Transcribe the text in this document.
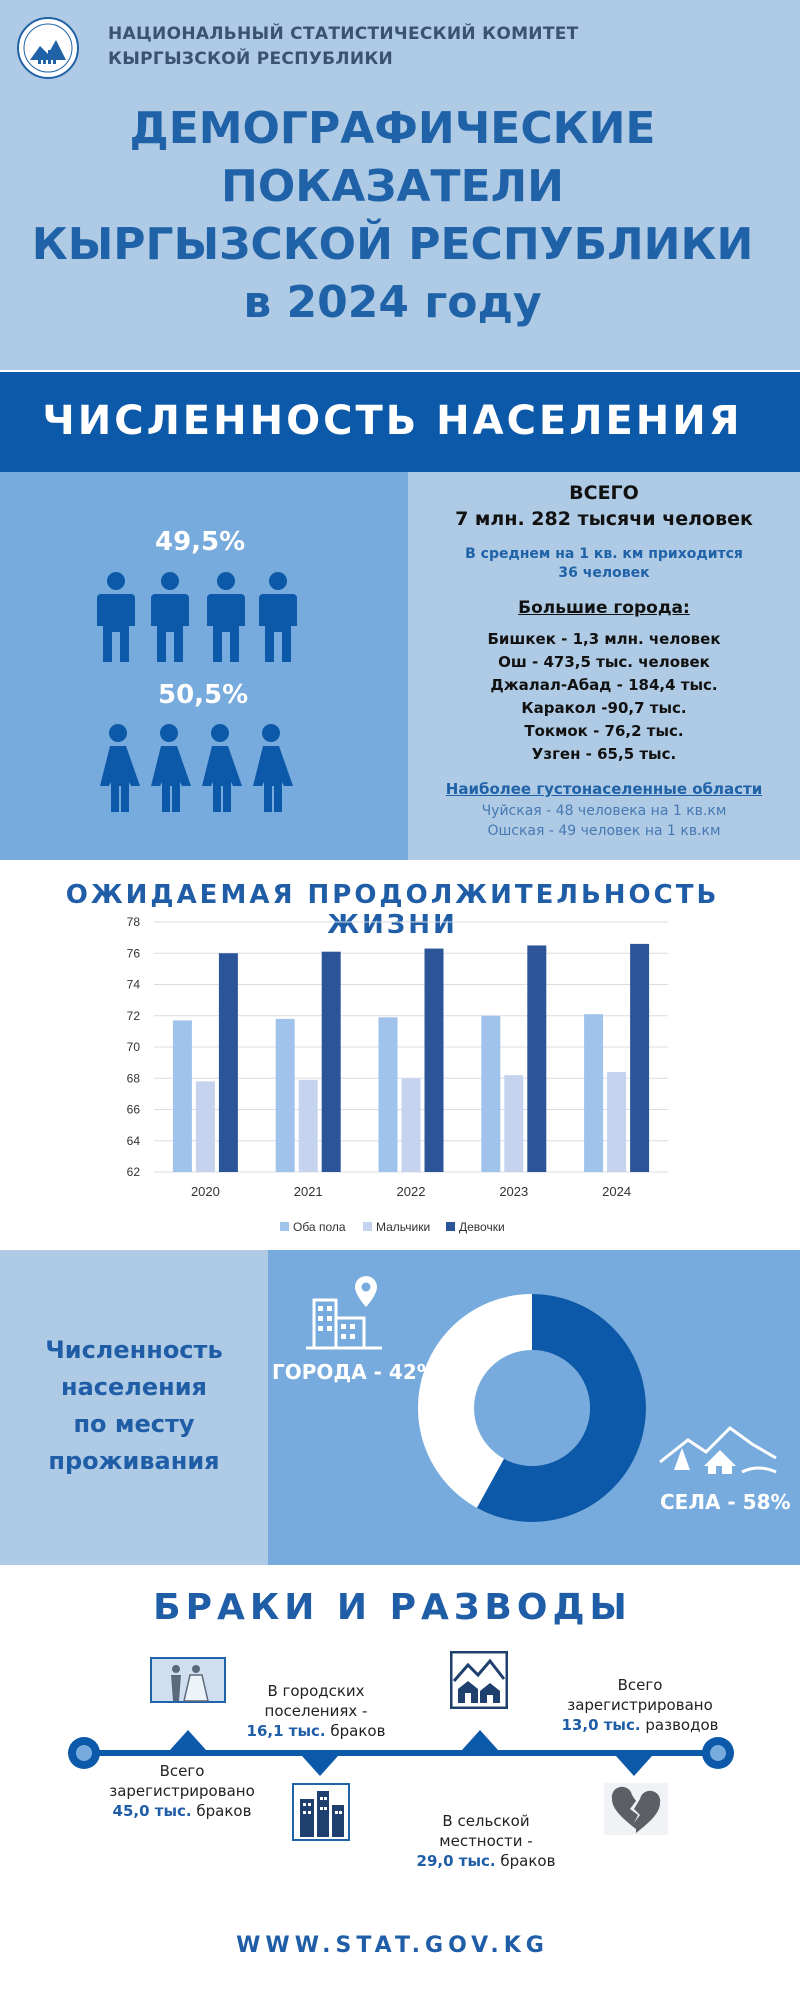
НАЦИОНАЛЬНЫЙ СТАТИСТИЧЕСКИЙ КОМИТЕТ
КЫРГЫЗСКОЙ РЕСПУБЛИКИ
ДЕМОГРАФИЧЕСКИЕ
ПОКАЗАТЕЛИ
КЫРГЫЗСКОЙ РЕСПУБЛИКИ
в 2024 году
ЧИСЛЕННОСТЬ НАСЕЛЕНИЯ
49,5%
50,5%
ВСЕГО
7 млн. 282 тысячи человек
В среднем на 1 кв. км приходится
36 человек
Большие города:
Бишкек - 1,3 млн. человек
Ош - 473,5 тыс. человек
Джалал-Абад - 184,4 тыс.
Каракол -90,7 тыс.
Токмок - 76,2 тыс.
Узген - 65,5 тыс.
Наиболее густонаселенные области
Чуйская - 48 человека на 1 кв.км
Ошская - 49 человек на 1 кв.км
ОЖИДАЕМАЯ ПРОДОЛЖИТЕЛЬНОСТЬ ЖИЗНИ
62
64
66
68
70
72
74
76
78
2020	2021	2022	2023	2024
Оба пола	Мальчики Девочки
Численность
населения
по месту
проживания
ГОРОДА - 42%
СЕЛА - 58%
БРАКИ И РАЗВОДЫ
Всего зарегистрировано
45,0 тыс. браков
В городских поселениях -
16,1 тыс. браков
В сельской местности -
29,0 тыс. браков
Всего зарегистрировано
13,0 тыс. разводов
WWW.STAT.GOV.KG
